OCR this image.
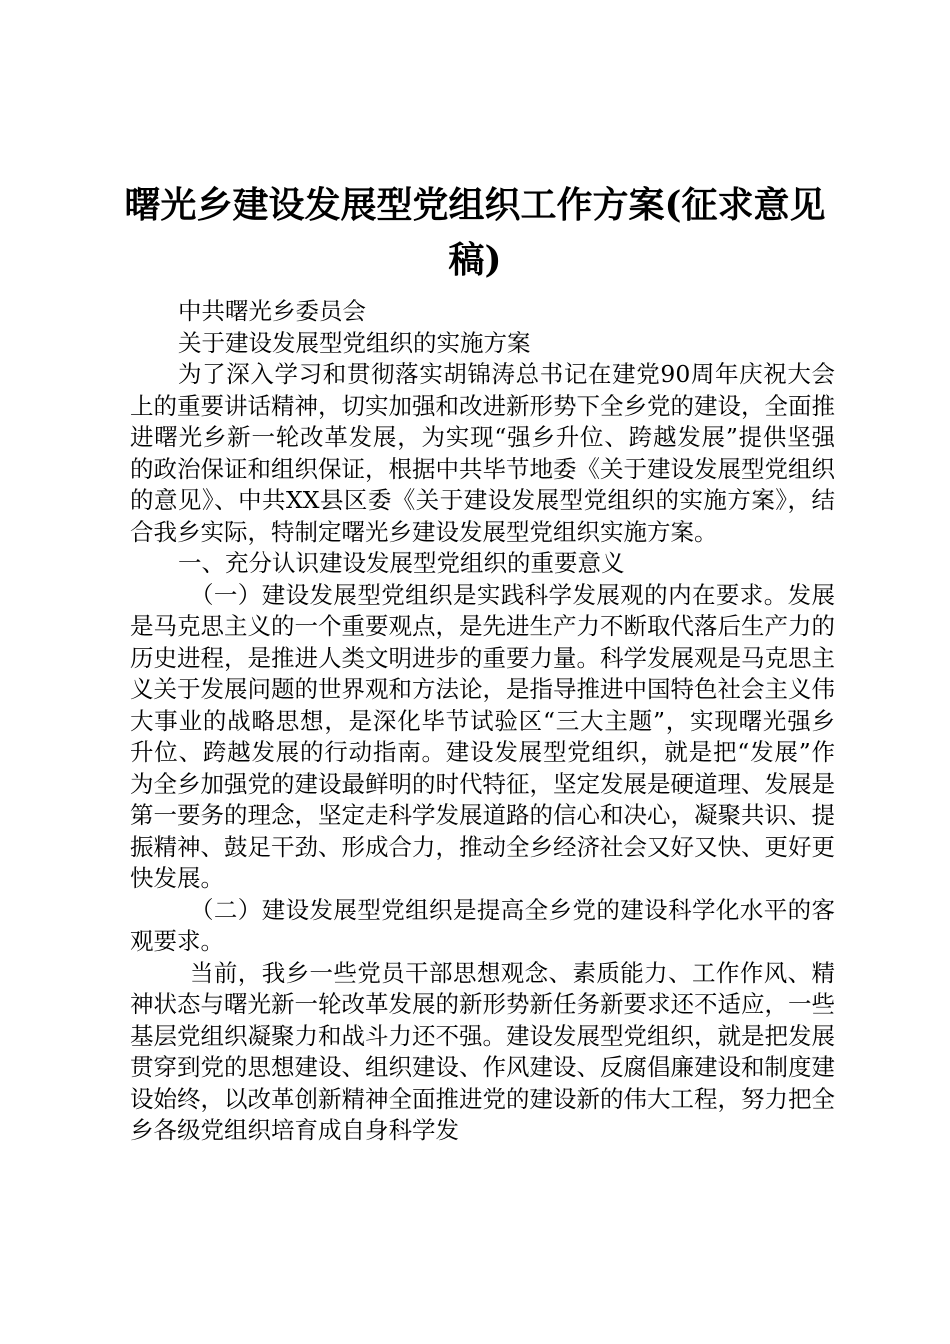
曙光乡建设发展型党组织工作方案(征求意见稿)

中共曙光乡委员会

关于建设发展型党组织的实施方案

为了深入学习和贯彻落实胡锦涛总书记在建党90周年庆祝大会上的重要讲话精神，切实加强和改进新形势下全乡党的建设，全面推进曙光乡新一轮改革发展，为实现“强乡升位、跨越发展”提供坚强的政治保证和组织保证，根据中共毕节地委《关于建设发展型党组织的意见》、中共XX县区委《关于建设发展型党组织的实施方案》，结合我乡实际，特制定曙光乡建设发展型党组织实施方案。

一、充分认识建设发展型党组织的重要意义

（一）建设发展型党组织是实践科学发展观的内在要求。发展是马克思主义的一个重要观点，是先进生产力不断取代落后生产力的历史进程，是推进人类文明进步的重要力量。科学发展观是马克思主义关于发展问题的世界观和方法论，是指导推进中国特色社会主义伟大事业的战略思想，是深化毕节试验区“三大主题”，实现曙光强乡升位、跨越发展的行动指南。建设发展型党组织，就是把“发展”作为全乡加强党的建设最鲜明的时代特征，坚定发展是硬道理、发展是第一要务的理念，坚定走科学发展道路的信心和决心，凝聚共识、提振精神、鼓足干劲、形成合力，推动全乡经济社会又好又快、更好更快发展。

（二）建设发展型党组织是提高全乡党的建设科学化水平的客观要求。

当前，我乡一些党员干部思想观念、素质能力、工作作风、精神状态与曙光新一轮改革发展的新形势新任务新要求还不适应，一些基层党组织凝聚力和战斗力还不强。建设发展型党组织，就是把发展贯穿到党的思想建设、组织建设、作风建设、反腐倡廉建设和制度建设始终，以改革创新精神全面推进党的建设新的伟大工程，努力把全乡各级党组织培育成自身科学发
